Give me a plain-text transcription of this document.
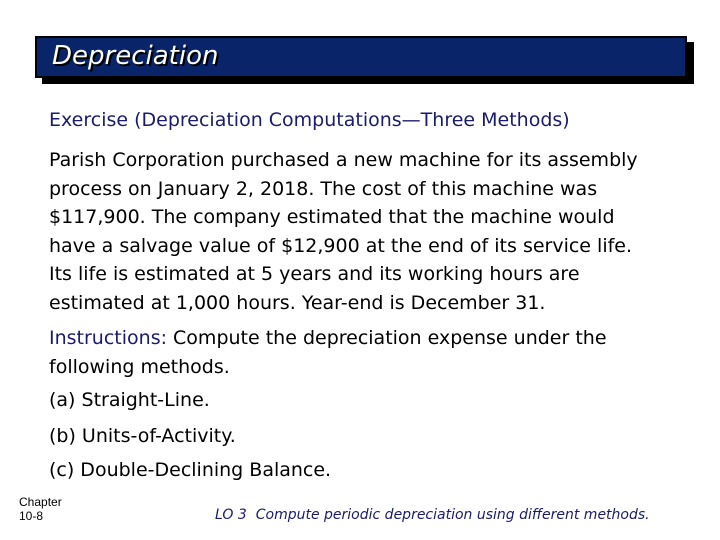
Depreciation
Exercise (Depreciation Computations—Three Methods)
Parish Corporation purchased a new machine for its assembly
process on January 2, 2018. The cost of this machine was
$117,900. The company estimated that the machine would
have a salvage value of $12,900 at the end of its service life.
Its life is estimated at 5 years and its working hours are
estimated at 1,000 hours. Year-end is December 31.
Instructions: Compute the depreciation expense under the
following methods.
(a) Straight-Line.
(b) Units-of-Activity.
(c) Double-Declining Balance.
Chapter
10-8	LO 3 Compute periodic depreciation using different methods.
